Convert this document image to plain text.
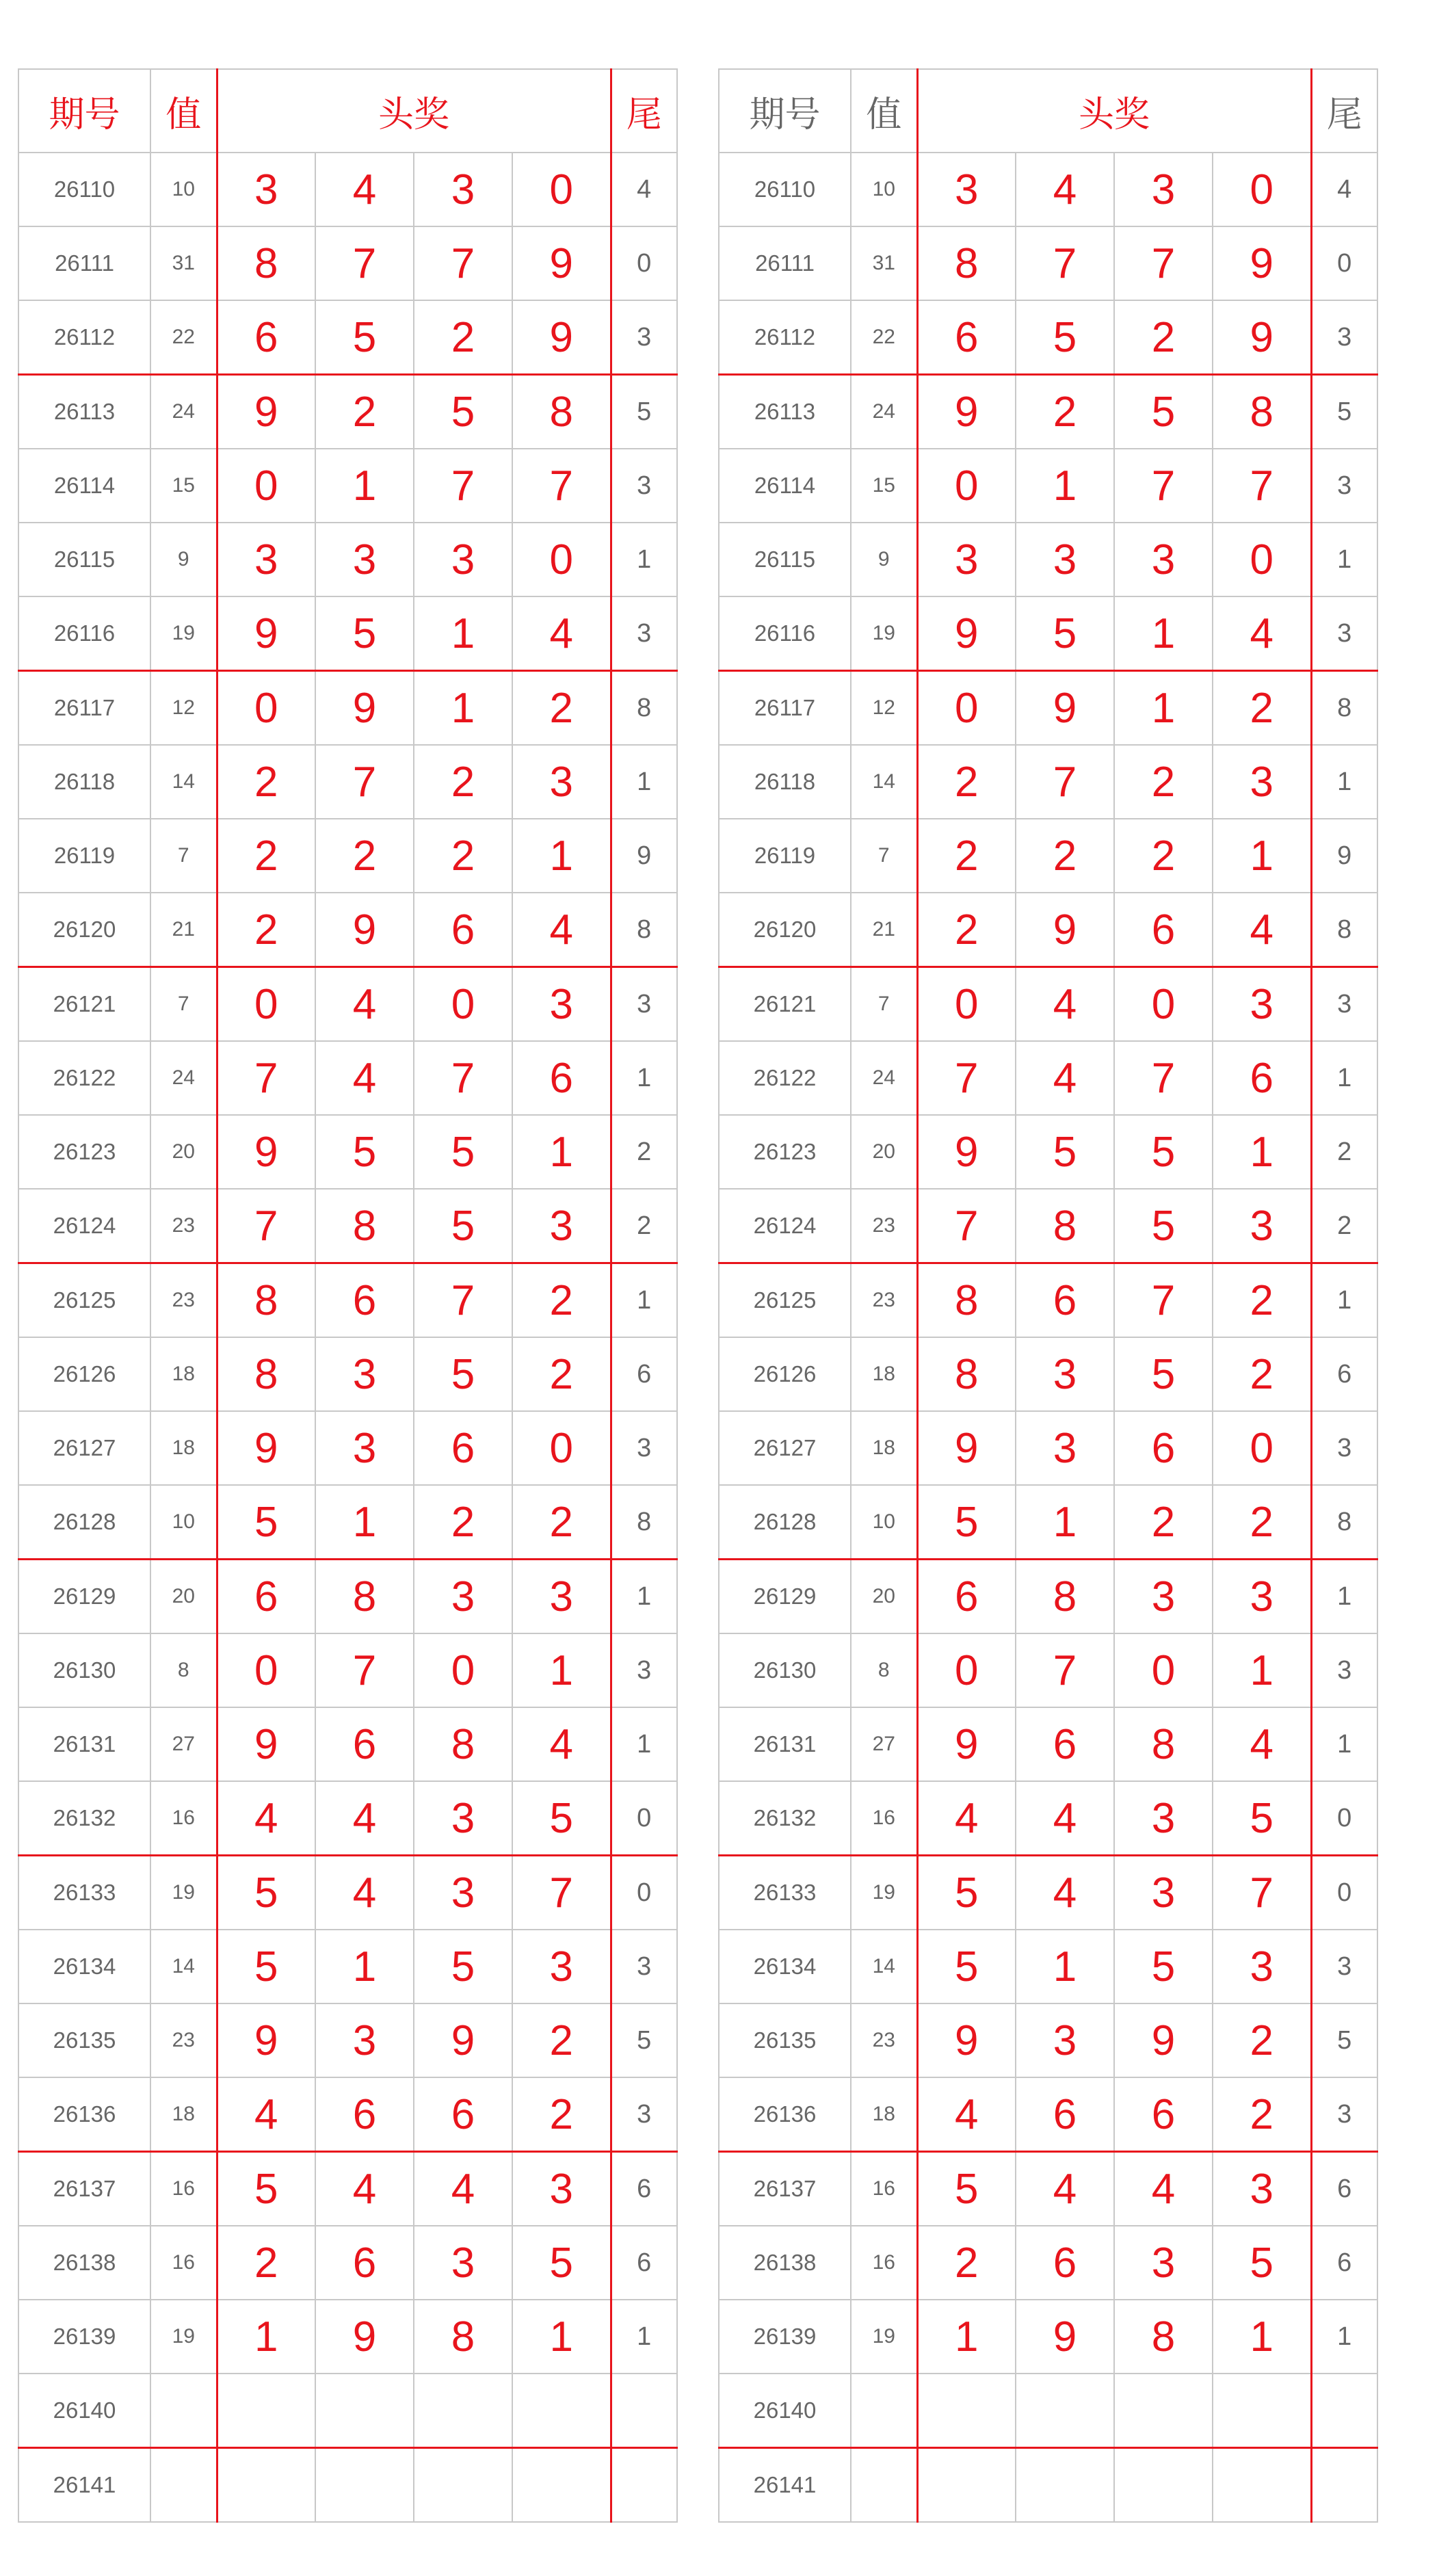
期号	值	头奖				尾
26110	10	3	4	3	0	4
26111	31	8	7	7	9	0
26112	22	6	5	2	9	3
26113	24	9	2	5	8	5
26114	15	0	1	7	7	3
26115	9	3	3	3	0	1
26116	19	9	5	1	4	3
26117	12	0	9	1	2	8
26118	14	2	7	2	3	1
26119	7	2	2	2	1	9
26120	21	2	9	6	4	8
26121	7	0	4	0	3	3
26122	24	7	4	7	6	1
26123	20	9	5	5	1	2
26124	23	7	8	5	3	2
26125	23	8	6	7	2	1
26126	18	8	3	5	2	6
26127	18	9	3	6	0	3
26128	10	5	1	2	2	8
26129	20	6	8	3	3	1
26130	8	0	7	0	1	3
26131	27	9	6	8	4	1
26132	16	4	4	3	5	0
26133	19	5	4	3	7	0
26134	14	5	1	5	3	3
26135	23	9	3	9	2	5
26136	18	4	6	6	2	3
26137	16	5	4	4	3	6
26138	16	2	6	3	5	6
26139	19	1	9	8	1	1
26140						
26141						
期号	值	头奖				尾
26110	10	3	4	3	0	4
26111	31	8	7	7	9	0
26112	22	6	5	2	9	3
26113	24	9	2	5	8	5
26114	15	0	1	7	7	3
26115	9	3	3	3	0	1
26116	19	9	5	1	4	3
26117	12	0	9	1	2	8
26118	14	2	7	2	3	1
26119	7	2	2	2	1	9
26120	21	2	9	6	4	8
26121	7	0	4	0	3	3
26122	24	7	4	7	6	1
26123	20	9	5	5	1	2
26124	23	7	8	5	3	2
26125	23	8	6	7	2	1
26126	18	8	3	5	2	6
26127	18	9	3	6	0	3
26128	10	5	1	2	2	8
26129	20	6	8	3	3	1
26130	8	0	7	0	1	3
26131	27	9	6	8	4	1
26132	16	4	4	3	5	0
26133	19	5	4	3	7	0
26134	14	5	1	5	3	3
26135	23	9	3	9	2	5
26136	18	4	6	6	2	3
26137	16	5	4	4	3	6
26138	16	2	6	3	5	6
26139	19	1	9	8	1	1
26140						
26141						
